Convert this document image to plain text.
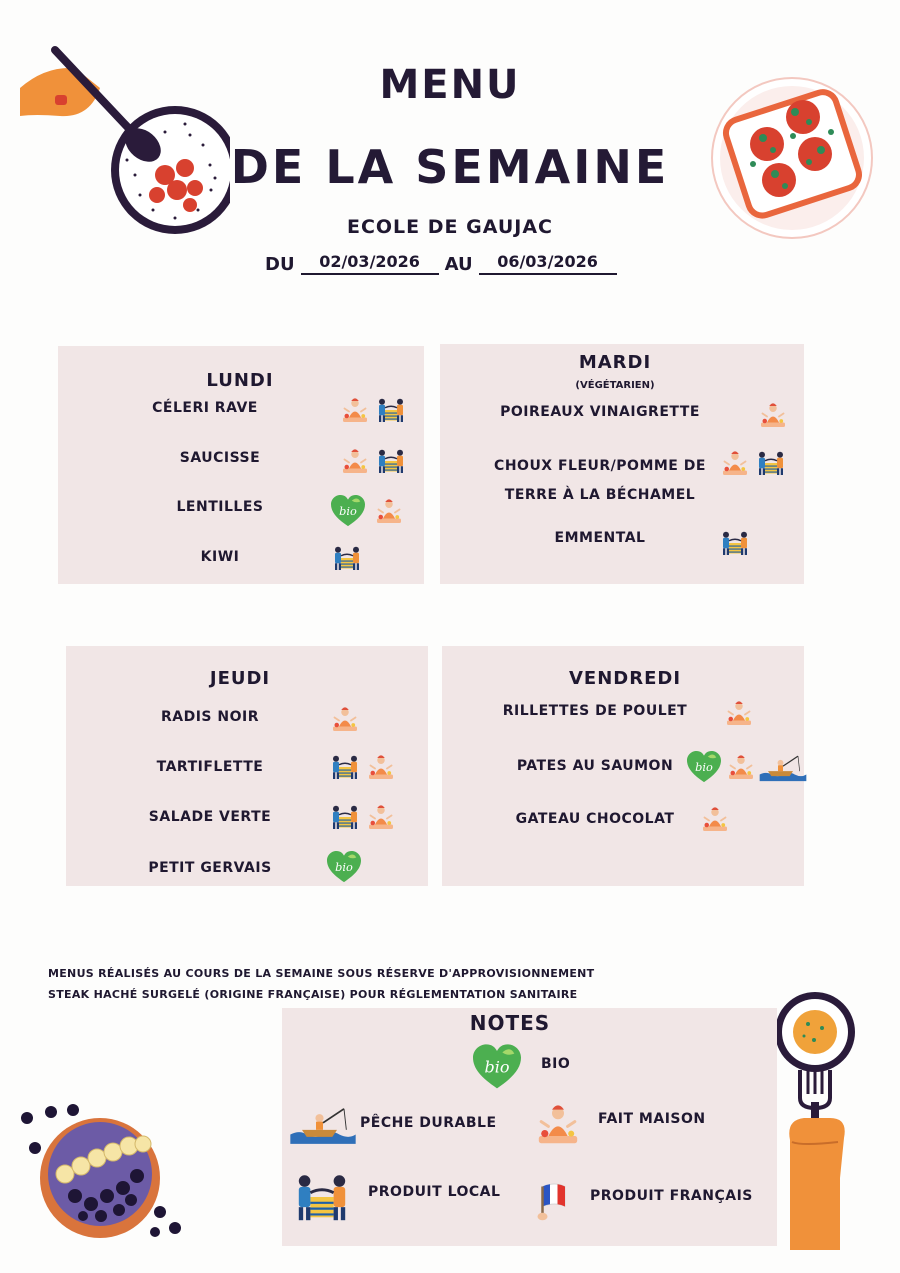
MENU
DE LA SEMAINE
ECOLE DE GAUJAC
DU	02/03/2026	AU	06/03/2026
LUNDI
CÉLERI RAVE
SAUCISSE
LENTILLES
KIWI
MARDI
(VÉGÉTARIEN)
POIREAUX VINAIGRETTE
CHOUX FLEUR/POMME DE TERRE À LA BÉCHAMEL
EMMENTAL
JEUDI
RADIS NOIR
TARTIFLETTE
SALADE VERTE
PETIT GERVAIS
VENDREDI
RILLETTES DE POULET
PATES AU SAUMON
GATEAU CHOCOLAT
MENUS RÉALISÉS AU COURS DE LA SEMAINE SOUS RÉSERVE D'APPROVISIONNEMENT
STEAK HACHÉ SURGELÉ (ORIGINE FRANÇAISE) POUR RÉGLEMENTATION SANITAIRE
NOTES
BIO
PÊCHE DURABLE	FAIT MAISON
PRODUIT LOCAL	PRODUIT FRANÇAIS
